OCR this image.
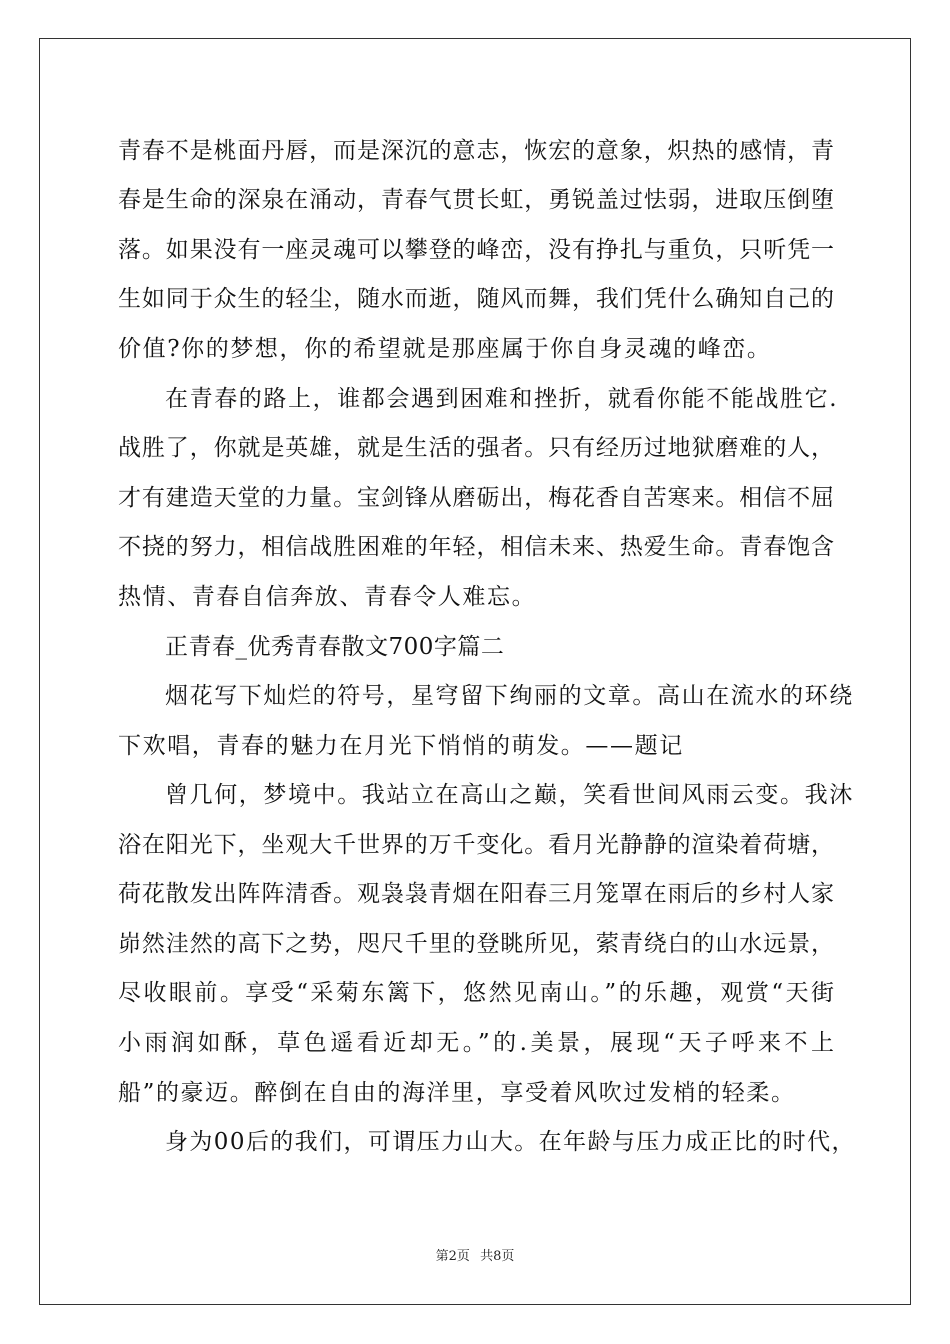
青春不是桃面丹唇，而是深沉的意志，恢宏的意象，炽热的感情，青
春是生命的深泉在涌动，青春气贯长虹，勇锐盖过怯弱，进取压倒堕
落。如果没有一座灵魂可以攀登的峰峦，没有挣扎与重负，只听凭一
生如同于众生的轻尘，随水而逝，随风而舞，我们凭什么确知自己的
价值?你的梦想，你的希望就是那座属于你自身灵魂的峰峦。
在青春的路上，谁都会遇到困难和挫折，就看你能不能战胜它.
战胜了，你就是英雄，就是生活的强者。只有经历过地狱磨难的人，
才有建造天堂的力量。宝剑锋从磨砺出，梅花香自苦寒来。相信不屈
不挠的努力，相信战胜困难的年轻，相信未来、热爱生命。青春饱含
热情、青春自信奔放、青春令人难忘。
正青春_优秀青春散文700字篇二
烟花写下灿烂的符号，星穹留下绚丽的文章。高山在流水的环绕
下欢唱，青春的魅力在月光下悄悄的萌发。——题记
曾几何，梦境中。我站立在高山之巅，笑看世间风雨云变。我沐
浴在阳光下，坐观大千世界的万千变化。看月光静静的渲染着荷塘，
荷花散发出阵阵清香。观袅袅青烟在阳春三月笼罩在雨后的乡村人家
峁然洼然的高下之势，咫尺千里的登眺所见，萦青绕白的山水远景，
尽收眼前。享受“采菊东篱下，悠然见南山。”的乐趣，观赏“天街
小雨润如酥，草色遥看近却无。”的.美景，展现“天子呼来不上
船”的豪迈。醉倒在自由的海洋里，享受着风吹过发梢的轻柔。
身为00后的我们，可谓压力山大。在年龄与压力成正比的时代，
第2页 共8页
